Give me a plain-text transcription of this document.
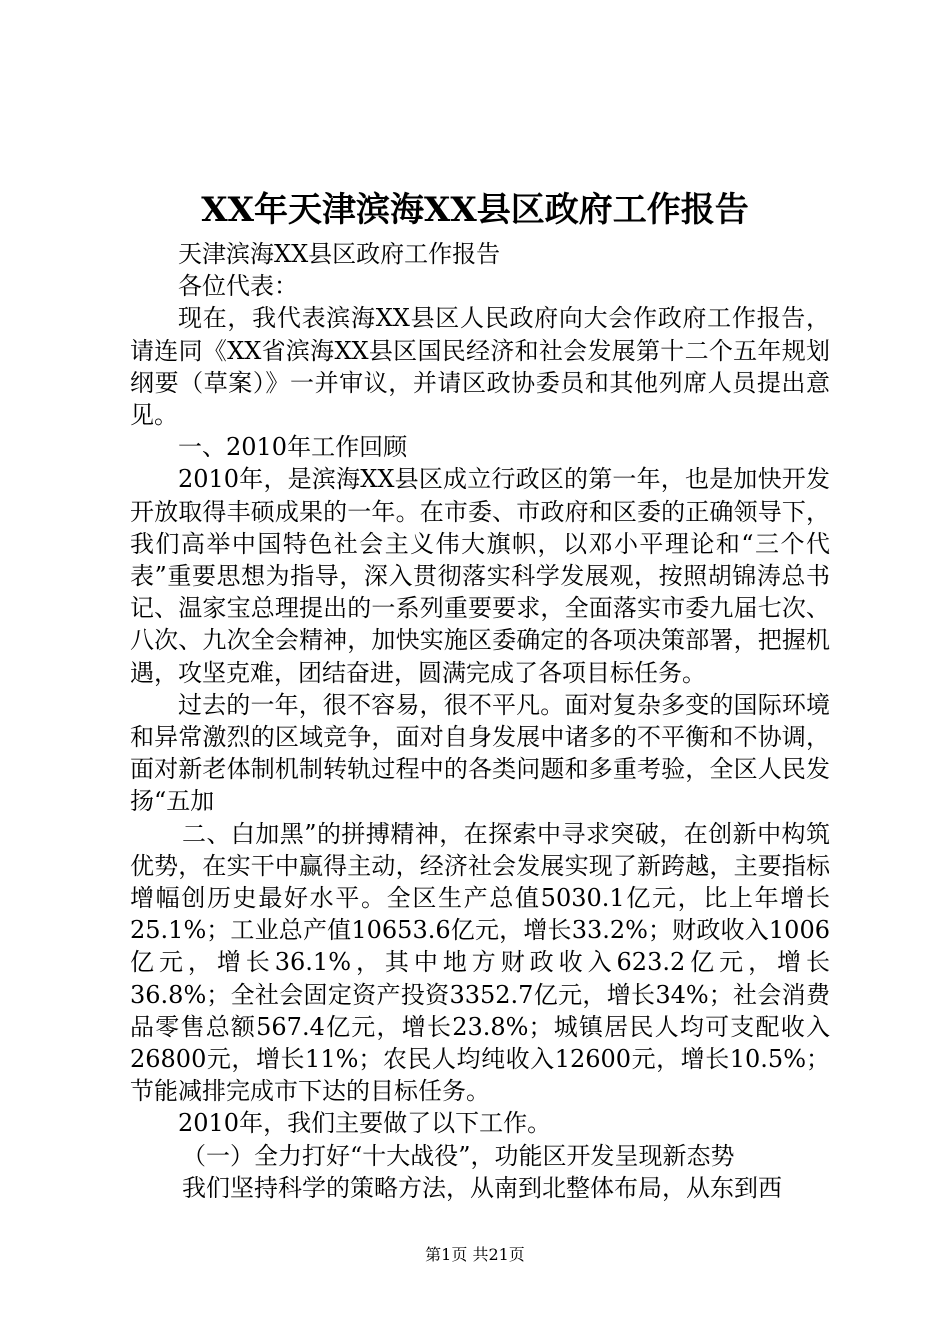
XX年天津滨海XX县区政府工作报告

天津滨海XX县区政府工作报告

各位代表：

现在，我代表滨海XX县区人民政府向大会作政府工作报告，请连同《XX省滨海XX县区国民经济和社会发展第十二个五年规划纲要（草案）》一并审议，并请区政协委员和其他列席人员提出意见。

一、2010年工作回顾

2010年，是滨海XX县区成立行政区的第一年，也是加快开发开放取得丰硕成果的一年。在市委、市政府和区委的正确领导下，我们高举中国特色社会主义伟大旗帜，以邓小平理论和“三个代表”重要思想为指导，深入贯彻落实科学发展观，按照胡锦涛总书记、温家宝总理提出的一系列重要要求，全面落实市委九届七次、八次、九次全会精神，加快实施区委确定的各项决策部署，把握机遇，攻坚克难，团结奋进，圆满完成了各项目标任务。

过去的一年，很不容易，很不平凡。面对复杂多变的国际环境和异常激烈的区域竞争，面对自身发展中诸多的不平衡和不协调，面对新老体制机制转轨过程中的各类问题和多重考验，全区人民发扬“五加

二、白加黑”的拼搏精神，在探索中寻求突破，在创新中构筑优势，在实干中赢得主动，经济社会发展实现了新跨越，主要指标增幅创历史最好水平。全区生产总值5030.1亿元，比上年增长25.1%；工业总产值10653.6亿元，增长33.2%；财政收入1006亿元，增长36.1%，其中地方财政收入623.2亿元，增长36.8%；全社会固定资产投资3352.7亿元，增长34%；社会消费品零售总额567.4亿元，增长23.8%；城镇居民人均可支配收入26800元，增长11%；农民人均纯收入12600元，增长10.5%；节能减排完成市下达的目标任务。

2010年，我们主要做了以下工作。

（一）全力打好“十大战役”，功能区开发呈现新态势

我们坚持科学的策略方法，从南到北整体布局，从东到西

第1页 共21页
